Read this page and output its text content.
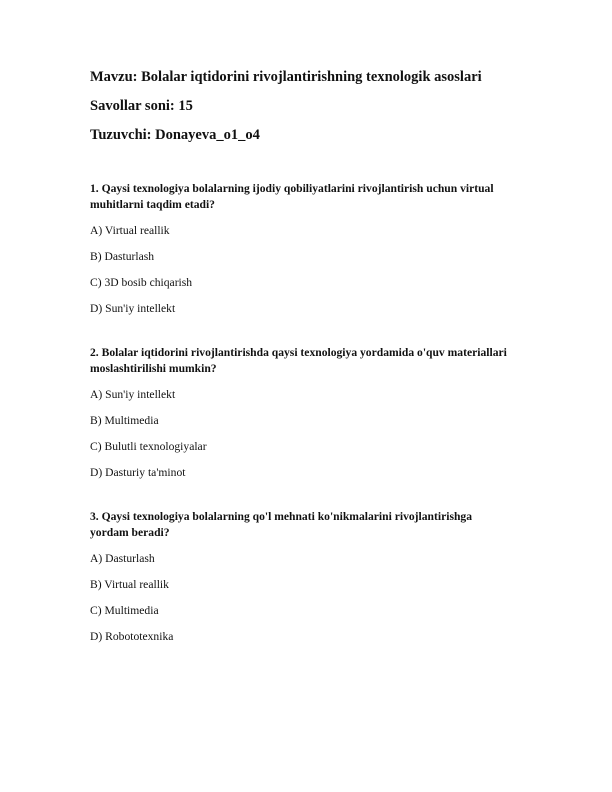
Mavzu: Bolalar iqtidorini rivojlantirishning texnologik asoslari
Savollar soni: 15
Tuzuvchi: Donayeva_o1_o4
1. Qaysi texnologiya bolalarning ijodiy qobiliyatlarini rivojlantirish uchun virtual
muhitlarni taqdim etadi?
A) Virtual reallik
B) Dasturlash
C) 3D bosib chiqarish
D) Sun'iy intellekt
2. Bolalar iqtidorini rivojlantirishda qaysi texnologiya yordamida o'quv materiallari
moslashtirilishi mumkin?
A) Sun'iy intellekt
B) Multimedia
C) Bulutli texnologiyalar
D) Dasturiy ta'minot
3. Qaysi texnologiya bolalarning qo'l mehnati ko'nikmalarini rivojlantirishga
yordam beradi?
A) Dasturlash
B) Virtual reallik
C) Multimedia
D) Robototexnika
